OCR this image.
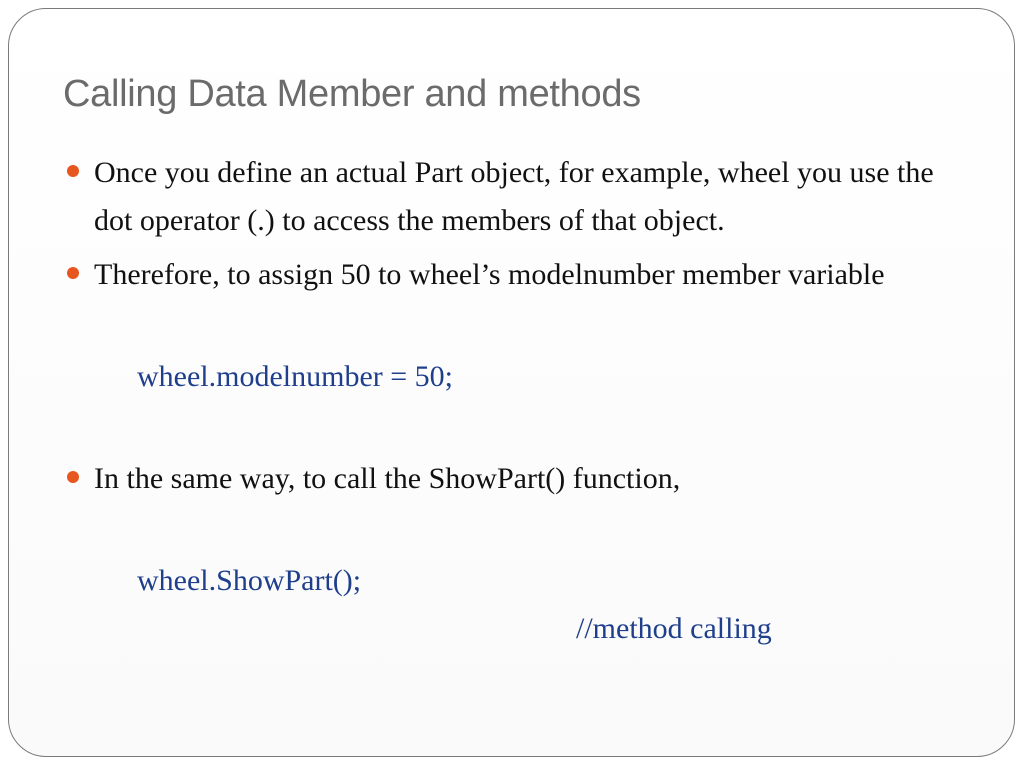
Calling Data Member and methods
Once you define an actual Part object, for example, wheel you use the dot operator (.) to access the members of that object.
Therefore, to assign 50 to wheel’s modelnumber member variable

wheel.modelnumber = 50;

In the same way, to call the ShowPart() function,

wheel.ShowPart();

//method calling
